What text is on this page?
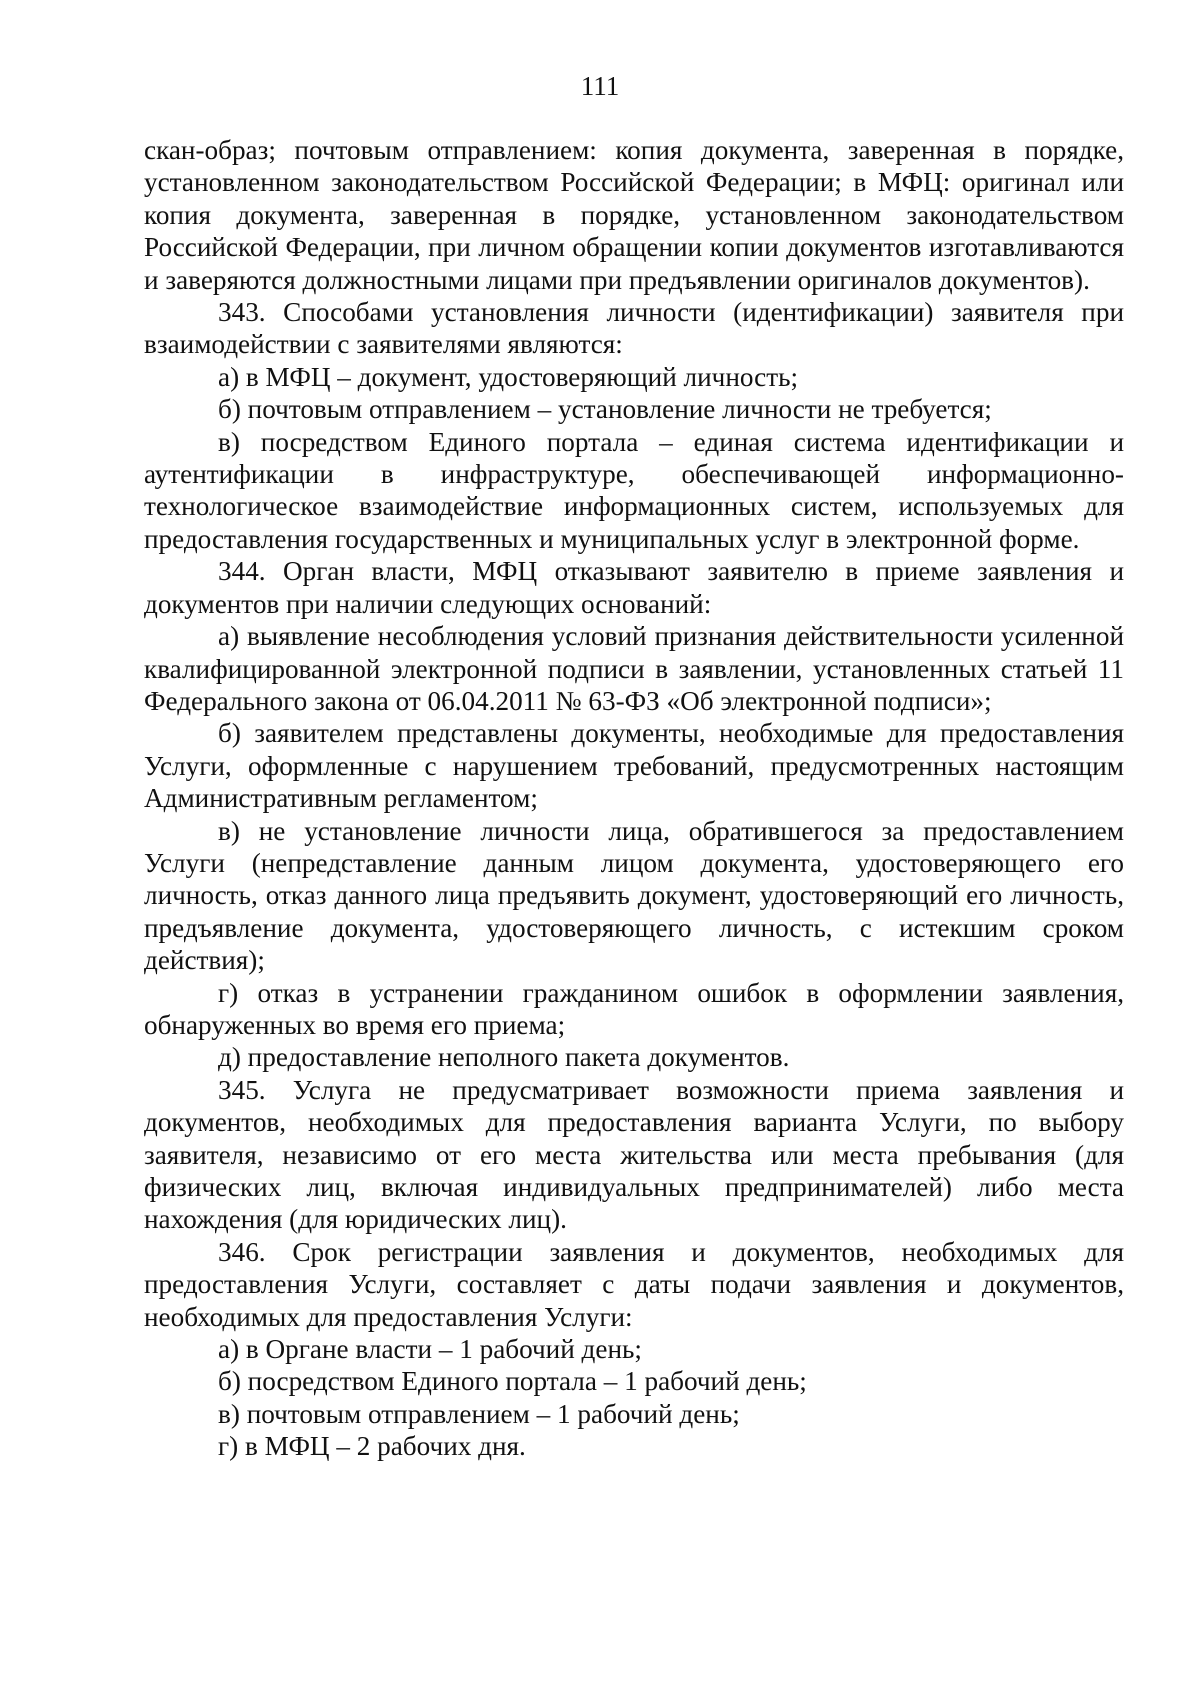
111

скан-образ; почтовым отправлением: копия документа, заверенная в порядке, установленном законодательством Российской Федерации; в МФЦ: оригинал или копия документа, заверенная в порядке, установленном законодательством Российской Федерации, при личном обращении копии документов изготавливаются и заверяются должностными лицами при предъявлении оригиналов документов).

343. Способами установления личности (идентификации) заявителя при взаимодействии с заявителями являются:

а) в МФЦ – документ, удостоверяющий личность;

б) почтовым отправлением – установление личности не требуется;

в) посредством Единого портала – единая система идентификации и аутентификации в инфраструктуре, обеспечивающей информационно-технологическое взаимодействие информационных систем, используемых для предоставления государственных и муниципальных услуг в электронной форме.

344. Орган власти, МФЦ отказывают заявителю в приеме заявления и документов при наличии следующих оснований:

а) выявление несоблюдения условий признания действительности усиленной квалифицированной электронной подписи в заявлении, установленных статьей 11 Федерального закона от 06.04.2011 № 63-ФЗ «Об электронной подписи»;

б) заявителем представлены документы, необходимые для предоставления Услуги, оформленные с нарушением требований, предусмотренных настоящим Административным регламентом;

в) не установление личности лица, обратившегося за предоставлением Услуги (непредставление данным лицом документа, удостоверяющего его личность, отказ данного лица предъявить документ, удостоверяющий его личность, предъявление документа, удостоверяющего личность, с истекшим сроком действия);

г) отказ в устранении гражданином ошибок в оформлении заявления, обнаруженных во время его приема;

д) предоставление неполного пакета документов.

345. Услуга не предусматривает возможности приема заявления и документов, необходимых для предоставления варианта Услуги, по выбору заявителя, независимо от его места жительства или места пребывания (для физических лиц, включая индивидуальных предпринимателей) либо места нахождения (для юридических лиц).

346. Срок регистрации заявления и документов, необходимых для предоставления Услуги, составляет с даты подачи заявления и документов, необходимых для предоставления Услуги:

а) в Органе власти – 1 рабочий день;

б) посредством Единого портала – 1 рабочий день;

в) почтовым отправлением – 1 рабочий день;

г) в МФЦ – 2 рабочих дня.
